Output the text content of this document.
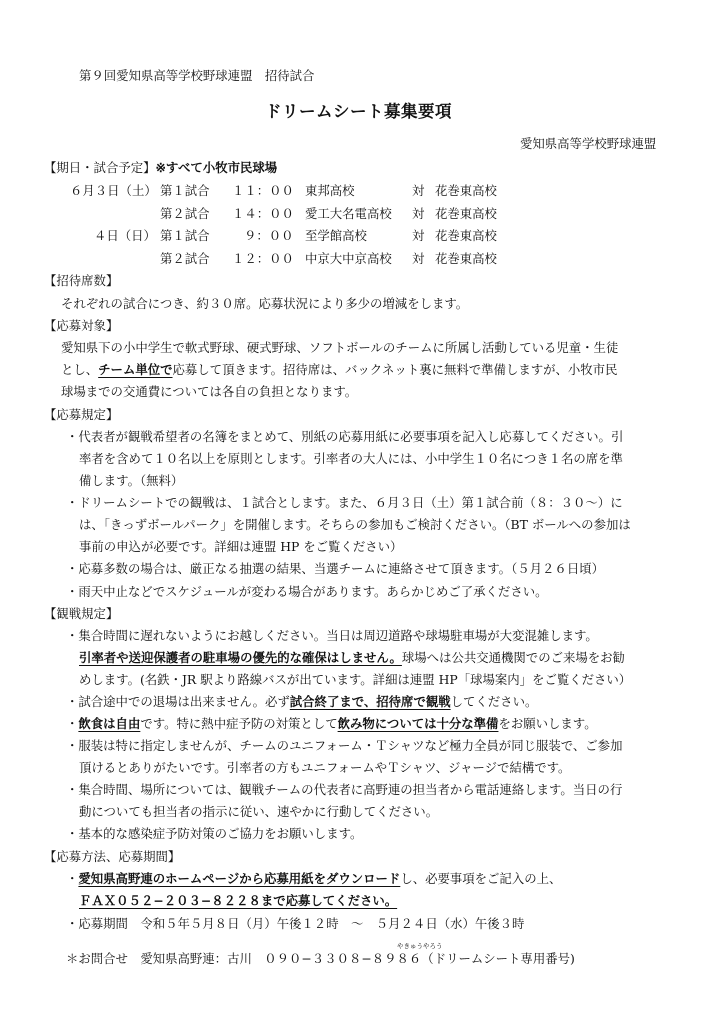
第９回愛知県高等学校野球連盟　招待試合
ドリームシート募集要項
愛知県高等学校野球連盟
【期日・試合予定】※すべて小牧市民球場
６月３日（土） 第１試合 １１：００ 東邦高校	対 花巻東高校
第２試合 １４：００ 愛工大名電高校 対 花巻東高校
４日（日） 第１試合	９：００ 至学館高校	対 花巻東高校
第２試合 １２：００ 中京大中京高校 対 花巻東高校
【招待席数】
それぞれの試合につき、約３０席。応募状況により多少の増減をします。
【応募対象】
愛知県下の小中学生で軟式野球、硬式野球、ソフトボールのチームに所属し活動している児童・生徒
とし、チーム単位で応募して頂きます。招待席は、バックネット裏に無料で準備しますが、小牧市民
球場までの交通費については各自の負担となります。
【応募規定】
・代表者が観戦希望者の名簿をまとめて、別紙の応募用紙に必要事項を記入し応募してください。引
率者を含めて１０名以上を原則とします。引率者の大人には、小中学生１０名につき１名の席を準
備します。（無料）
・ドリームシートでの観戦は、１試合とします。また、６月３日（土）第１試合前（８：３０〜）に
は、「きっずボールパーク」を開催します。そちらの参加もご検討ください。（BT ボールへの参加は
事前の申込が必要です。詳細は連盟 HP をご覧ください）
・応募多数の場合は、厳正なる抽選の結果、当選チームに連絡させて頂きます。（５月２６日頃）
・雨天中止などでスケジュールが変わる場合があります。あらかじめご了承ください。
【観戦規定】
・集合時間に遅れないようにお越しください。当日は周辺道路や球場駐車場が大変混雑します。
引率者や送迎保護者の駐車場の優先的な確保はしません。球場へは公共交通機関でのご来場をお勧
めします。(名鉄・JR 駅より路線バスが出ています。詳細は連盟 HP「球場案内」をご覧ください）
・試合途中での退場は出来ません。必ず試合終了まで、招待席で観戦してください。
・飲食は自由です。特に熱中症予防の対策として飲み物については十分な準備をお願いします。
・服装は特に指定しませんが、チームのユニフォーム・Ｔシャツなど極力全員が同じ服装で、ご参加
頂けるとありがたいです。引率者の方もユニフォームやＴシャツ、ジャージで結構です。
・集合時間、場所については、観戦チームの代表者に高野連の担当者から電話連絡します。当日の行
動についても担当者の指示に従い、速やかに行動してください。
・基本的な感染症予防対策のご協力をお願いします。
【応募方法、応募期間】
・愛知県高野連のホームページから応募用紙をダウンロードし、必要事項をご記入の上、
ＦＡＸ０５２−２０３−８２２８まで応募してください。
・応募期間　令和５年５月８日（月）午後１２時　〜　５月２４日（水）午後３時
やきゅうやろう
＊お問合せ　愛知県高野連：古川　０９０−３３０８−８９８６（ドリームシート専用番号)
